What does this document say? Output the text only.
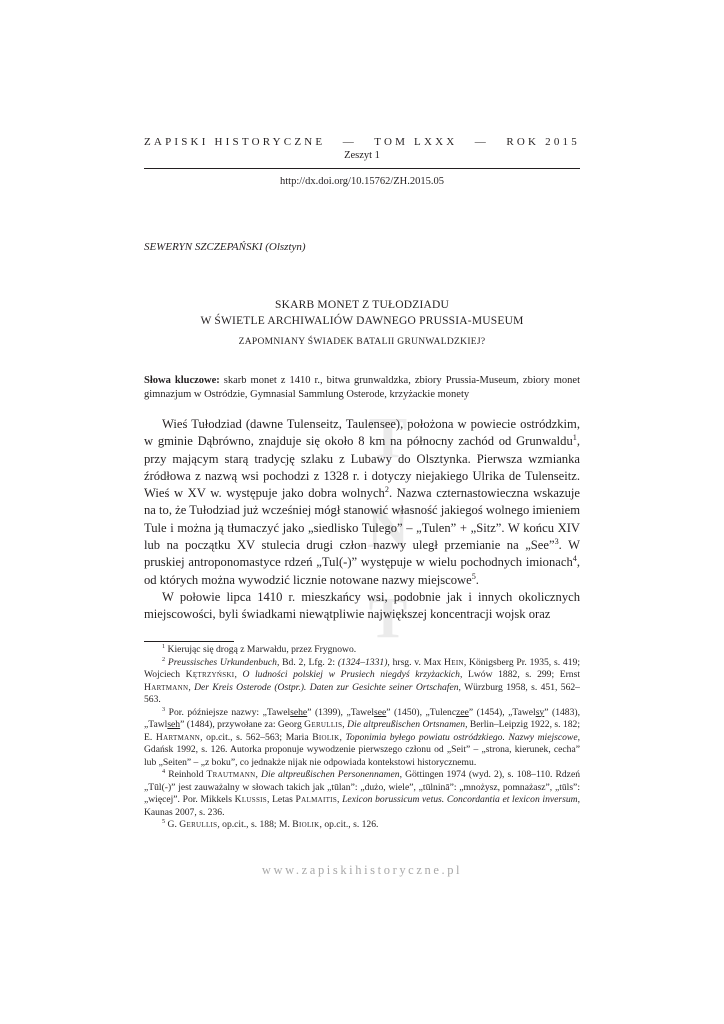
T
N
T
ZAPISKI HISTORYCZNE — TOM LXXX — ROK 2015
Zeszyt 1
http://dx.doi.org/10.15762/ZH.2015.05
SEWERYN SZCZEPAŃSKI (Olsztyn)
SKARB MONET Z TUŁODZIADU
W ŚWIETLE ARCHIWALIÓW DAWNEGO PRUSSIA-MUSEUM
ZAPOMNIANY ŚWIADEK BATALII GRUNWALDZKIEJ?
Słowa kluczowe: skarb monet z 1410 r., bitwa grunwaldzka, zbiory Prussia-Museum, zbiory monet gimnazjum w Ostródzie, Gymnasial Sammlung Osterode, krzyżackie monety

Wieś Tułodziad (dawne Tulenseitz, Taulensee), położona w powiecie ostródzkim, w gminie Dąbrówno, znajduje się około 8 km na północny zachód od Grunwaldu$^1$, przy mającym starą tradycję szlaku z Lubawy do Olsztynka. Pierwsza wzmianka źródłowa z nazwą wsi pochodzi z 1328 r. i dotyczy niejakiego Ulrika de Tulenseitz. Wieś w XV w. występuje jako dobra wolnych$^2$. Nazwa czternastowieczna wskazuje na to, że Tułodziad już wcześniej mógł stanowić własność jakiegoś wolnego imieniem Tule i można ją tłumaczyć jako „siedlisko Tulego” – „Tulen” + „Sitz”. W końcu XIV lub na początku XV stulecia drugi człon nazwy uległ przemianie na „See”$^3$. W pruskiej antroponomastyce rdzeń „Tul(-)” występuje w wielu pochodnych imionach$^4$, od których można wywodzić licznie notowane nazwy miejscowe$^5$.

W połowie lipca 1410 r. mieszkańcy wsi, podobnie jak i innych okolicznych miejscowości, byli świadkami niewątpliwie największej koncentracji wojsk oraz

$^1$ Kierując się drogą z Marwałdu, przez Frygnowo.

$^2$ Preussisches Urkundenbuch, Bd. 2, Lfg. 2: (1324–1331), hrsg. v. Max Hein, Königsberg Pr. 1935, s. 419; Wojciech Kętrzyński, O ludności polskiej w Prusiech niegdyś krzyżackich, Lwów 1882, s. 299; Ernst Hartmann, Der Kreis Osterode (Ostpr.). Daten zur Gesichte seiner Ortschafen, Würzburg 1958, s. 451, 562–563.

$^3$ Por. późniejsze nazwy: „Tawelsehe” (1399), „Tawelsee” (1450), „Tulenczee” (1454), „Tawelsy” (1483), „Tawlseh” (1484), przywołane za: Georg Gerullis, Die altpreußischen Ortsnamen, Berlin–Leipzig 1922, s. 182; E. Hartmann, op.cit., s. 562–563; Maria Biolik, Toponimia byłego powiatu ostródzkiego. Nazwy miejscowe, Gdańsk 1992, s. 126. Autorka proponuje wywodzenie pierwszego członu od „Seit” – „strona, kierunek, cecha” lub „Seiten” – „z boku”, co jednakże nijak nie odpowiada kontekstowi historycznemu.

$^4$ Reinhold Trautmann, Die altpreußischen Personennamen, Göttingen 1974 (wyd. 2), s. 108–110. Rdzeń „Tūl(-)” jest zauważalny w słowach takich jak „tūlan”: „dużo, wiele”, „tūlninā”: „mnożysz, pomnażasz”, „tūls”: „więcej”. Por. Mikkels Klussis, Letas Palmaitis, Lexicon borussicum vetus. Concordantia et lexicon inversum, Kaunas 2007, s. 236.

$^5$ G. Gerullis, op.cit., s. 188; M. Biolik, op.cit., s. 126.

www.zapiskihistoryczne.pl
